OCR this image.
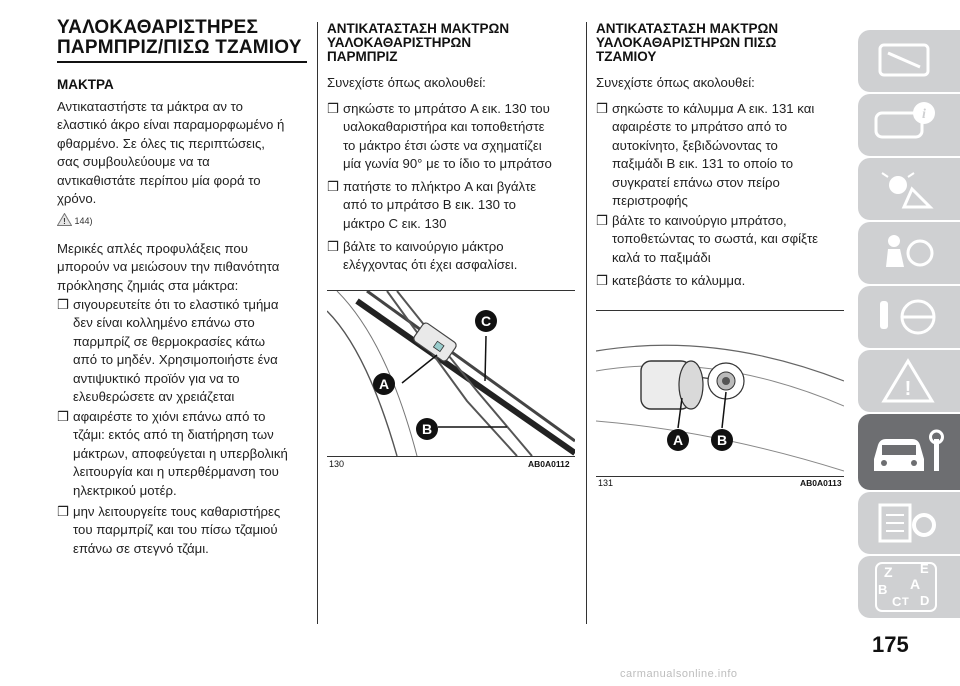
ΥΑΛΟΚΑΘΑΡΙΣΤΗΡΕΣ
ΠΑΡΜΠΡΙΖ/ΠΙΣΩ ΤΖΑΜΙΟΥ
ΜΑΚΤΡΑ
Αντικαταστήστε τα μάκτρα αν το
ελαστικό άκρο είναι παραμορφωμένο ή
φθαρμένο. Σε όλες τις περιπτώσεις,
σας συμβουλεύουμε να τα
αντικαθιστάτε περίπου μία φορά το
χρόνο.
! 144)
Μερικές απλές προφυλάξεις που
μπορούν να μειώσουν την πιθανότητα
πρόκλησης ζημιάς στα μάκτρα:
❒ σιγουρευτείτε ότι το ελαστικό τμήμα
δεν είναι κολλημένο επάνω στο
παρμπρίζ σε θερμοκρασίες κάτω
από το μηδέν. Χρησιμοποιήστε ένα
αντιψυκτικό προϊόν για να το
ελευθερώσετε αν χρειάζεται
❒ αφαιρέστε το χιόνι επάνω από το
τζάμι: εκτός από τη διατήρηση των
μάκτρων, αποφεύγεται η υπερβολική
λειτουργία και η υπερθέρμανση του
ηλεκτρικού μοτέρ.
❒ μην λειτουργείτε τους καθαριστήρες
του παρμπρίζ και του πίσω τζαμιού
επάνω σε στεγνό τζάμι.
ΑΝΤΙΚΑΤΑΣΤΑΣΗ ΜΑΚΤΡΩΝ
ΥΑΛΟΚΑΘΑΡΙΣΤΗΡΩΝ
ΠΑΡΜΠΡΙΖ
Συνεχίστε όπως ακολουθεί:
❒ σηκώστε το μπράτσο A εικ. 130 του
υαλοκαθαριστήρα και τοποθετήστε
το μάκτρο έτσι ώστε να σχηματίζει
μία γωνία 90° με το ίδιο το μπράτσο
❒ πατήστε το πλήκτρο A και βγάλτε
από το μπράτσο B εικ. 130 το
μάκτρο C εικ. 130
❒ βάλτε το καινούργιο μάκτρο
ελέγχοντας ότι έχει ασφαλίσει.
A
B
C
130	AB0A0112
ΑΝΤΙΚΑΤΑΣΤΑΣΗ ΜΑΚΤΡΩΝ
ΥΑΛΟΚΑΘΑΡΙΣΤΗΡΩΝ ΠΙΣΩ
ΤΖΑΜΙΟΥ
Συνεχίστε όπως ακολουθεί:
❒ σηκώστε το κάλυμμα A εικ. 131 και
αφαιρέστε το μπράτσο από το
αυτοκίνητο, ξεβιδώνοντας το
παξιμάδι B εικ. 131 το οποίο το
συγκρατεί επάνω στον πείρο
περιστροφής
❒ βάλτε το καινούργιο μπράτσο,
τοποθετώντας το σωστά, και σφίξτε
καλά το παξιμάδι
❒ κατεβάστε το κάλυμμα.
A B
131	AB0A0113
i
!
Z E
A
B
C D
T
175
carmanualsonline.info
